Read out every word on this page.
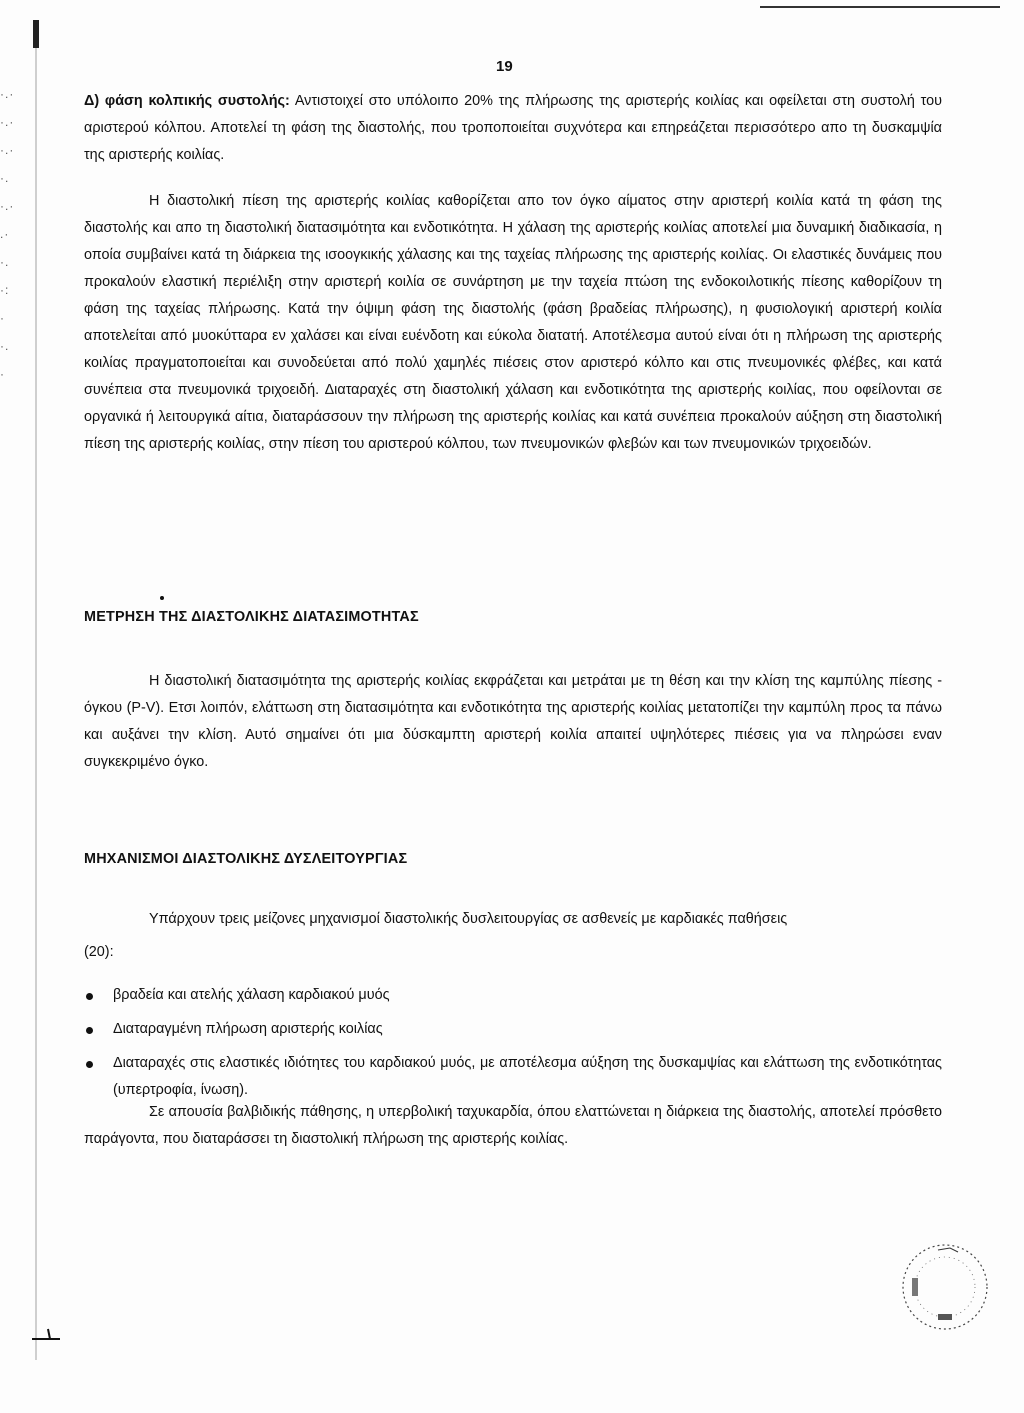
·.·
·.·
·.·
·.
·.·
.·
·.
·:
·
·.
·
19
Δ) φάση κολπικής συστολής: Αντιστοιχεί στο υπόλοιπο 20% της πλήρωσης της αριστερής κοιλίας και οφείλεται στη συστολή του αριστερού κόλπου. Αποτελεί τη φάση της διαστολής, που τροποποιείται συχνότερα και επηρεάζεται περισσότερο απο τη δυσκαμψία της αριστερής κοιλίας.
Η διαστολική πίεση της αριστερής κοιλίας καθορίζεται απο τον όγκο αίματος στην αριστερή κοιλία κατά τη φάση της διαστολής και απο τη διαστολική διατασιμότητα και ενδοτικότητα. Η χάλαση της αριστερής κοιλίας αποτελεί μια δυναμική διαδικασία, η οποία συμβαίνει κατά τη διάρκεια της ισοογκικής χάλασης και της ταχείας πλήρωσης της αριστερής κοιλίας. Οι ελαστικές δυνάμεις που προκαλούν ελαστική περιέλιξη στην αριστερή κοιλία σε συνάρτηση με την ταχεία πτώση της ενδοκοιλοτικής πίεσης καθορίζουν τη φάση της ταχείας πλήρωσης. Κατά την όψιμη φάση της διαστολής (φάση βραδείας πλήρωσης), η φυσιολογική αριστερή κοιλία αποτελείται από μυοκύτταρα εν χαλάσει και είναι ευένδοτη και εύκολα διατατή. Αποτέλεσμα αυτού είναι ότι η πλήρωση της αριστερής κοιλίας πραγματοποιείται και συνοδεύεται από πολύ χαμηλές πιέσεις στον αριστερό κόλπο και στις πνευμονικές φλέβες, και κατά συνέπεια στα πνευμονικά τριχοειδή. Διαταραχές στη διαστολική χάλαση και ενδοτικότητα της αριστερής κοιλίας, που οφείλονται σε οργανικά ή λειτουργικά αίτια, διαταράσσουν την πλήρωση της αριστερής κοιλίας και κατά συνέπεια προκαλούν αύξηση στη διαστολική πίεση της αριστερής κοιλίας, στην πίεση του αριστερού κόλπου, των πνευμονικών φλεβών και των πνευμονικών τριχοειδών.
ΜΕΤΡΗΣΗ ΤΗΣ ΔΙΑΣΤΟΛΙΚΗΣ ΔΙΑΤΑΣΙΜΟΤΗΤΑΣ
Η διαστολική διατασιμότητα της αριστερής κοιλίας εκφράζεται και μετράται με τη θέση και την κλίση της καμπύλης πίεσης - όγκου (P-V). Ετσι λοιπόν, ελάττωση στη διατασιμότητα και ενδοτικότητα της αριστερής κοιλίας μετατοπίζει την καμπύλη προς τα πάνω και αυξάνει την κλίση. Αυτό σημαίνει ότι μια δύσκαμπτη αριστερή κοιλία απαιτεί υψηλότερες πιέσεις για να πληρώσει εναν συγκεκριμένο όγκο.
ΜΗΧΑΝΙΣΜΟΙ ΔΙΑΣΤΟΛΙΚΗΣ ΔΥΣΛΕΙΤΟΥΡΓΙΑΣ
Υπάρχουν τρεις μείζονες μηχανισμοί διαστολικής δυσλειτουργίας σε ασθενείς με καρδιακές παθήσεις
(20):
βραδεία και ατελής χάλαση καρδιακού μυός
Διαταραγμένη πλήρωση αριστερής κοιλίας
Διαταραχές στις ελαστικές ιδιότητες του καρδιακού μυός, με αποτέλεσμα αύξηση της δυσκαμψίας και ελάττωση της ενδοτικότητας (υπερτροφία, ίνωση).
Σε απουσία βαλβιδικής πάθησης, η υπερβολική ταχυκαρδία, όπου ελαττώνεται η διάρκεια της διαστολής, αποτελεί πρόσθετο παράγοντα, που διαταράσσει τη διαστολική πλήρωση της αριστερής κοιλίας.
